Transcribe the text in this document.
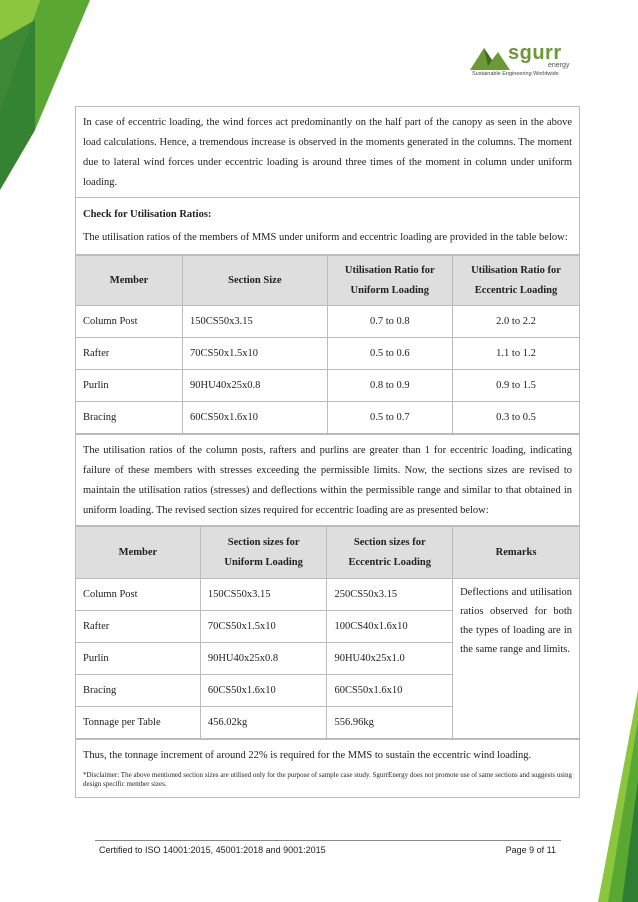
sgurr
energy
Sustainable Engineering Worldwide
In case of eccentric loading, the wind forces act predominantly on the half part of the canopy as seen in the above load calculations. Hence, a tremendous increase is observed in the moments generated in the columns. The moment due to lateral wind forces under eccentric loading is around three times of the moment in column under uniform loading.
Check for Utilisation Ratios:
The utilisation ratios of the members of MMS under uniform and eccentric loading are provided in the table below:
Member	Section Size	Utilisation Ratio for Uniform Loading	Utilisation Ratio for Eccentric Loading
Column Post	150CS50x3.15	0.7 to 0.8	2.0 to 2.2
Rafter	70CS50x1.5x10	0.5 to 0.6	1.1 to 1.2
Purlin	90HU40x25x0.8	0.8 to 0.9	0.9 to 1.5
Bracing	60CS50x1.6x10	0.5 to 0.7	0.3 to 0.5
The utilisation ratios of the column posts, rafters and purlins are greater than 1 for eccentric loading, indicating failure of these members with stresses exceeding the permissible limits. Now, the sections sizes are revised to maintain the utilisation ratios (stresses) and deflections within the permissible range and similar to that obtained in uniform loading. The revised section sizes required for eccentric loading are as presented below:
Member	Section sizes for Uniform Loading	Section sizes for Eccentric Loading	Remarks
Column Post	150CS50x3.15	250CS50x3.15	Deflections and utilisation ratios observed for both the types of loading are in the same range and limits.
Rafter	70CS50x1.5x10	100CS40x1.6x10	
Purlin	90HU40x25x0.8	90HU40x25x1.0	
Bracing	60CS50x1.6x10	60CS50x1.6x10	
Tonnage per Table	456.02kg	556.96kg	
Thus, the tonnage increment of around 22% is required for the MMS to sustain the eccentric wind loading.
*Disclaimer: The above mentioned section sizes are utilised only for the purpose of sample case study. SgurrEnergy does not promote use of same sections and suggests using design specific member sizes.
Certified to ISO 14001:2015, 45001:2018 and 9001:2015	Page 9 of 11
